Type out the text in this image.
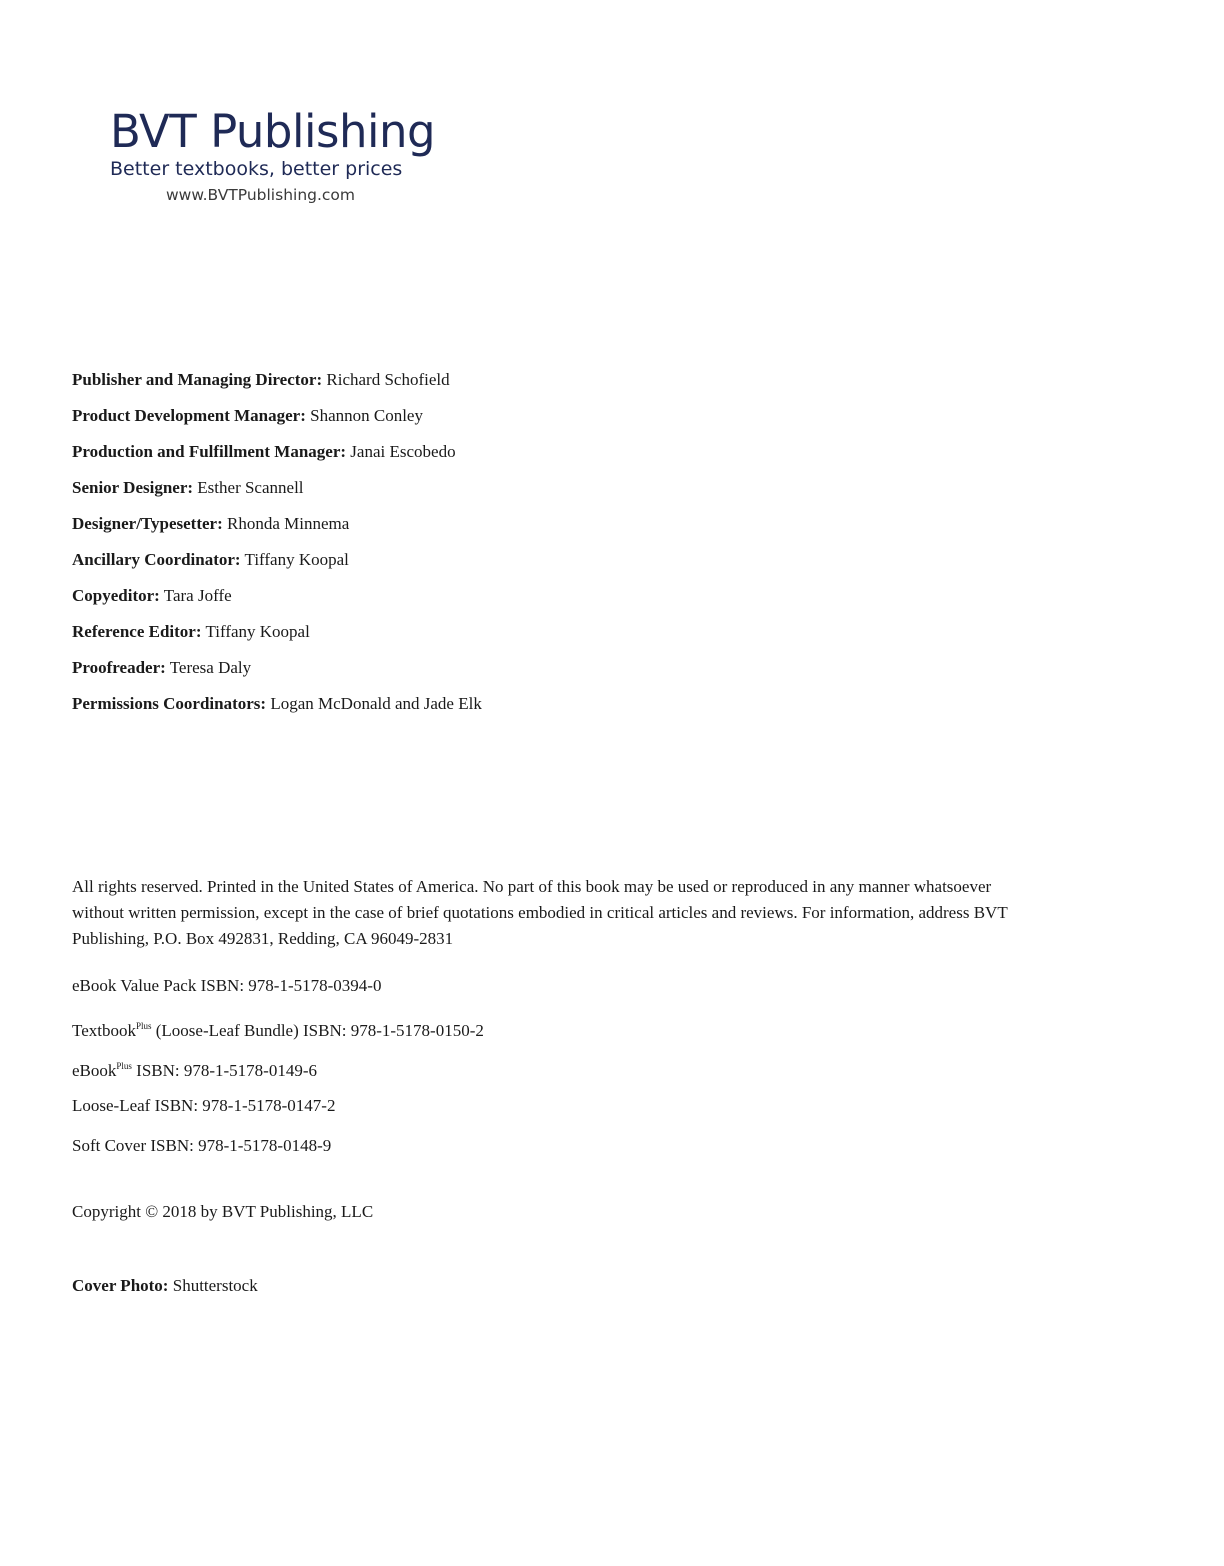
BVT Publishing
Better textbooks, better prices
www.BVTPublishing.com
Publisher and Managing Director: Richard Schofield
Product Development Manager: Shannon Conley
Production and Fulfillment Manager: Janai Escobedo
Senior Designer: Esther Scannell
Designer/Typesetter: Rhonda Minnema
Ancillary Coordinator: Tiffany Koopal
Copyeditor: Tara Joffe
Reference Editor: Tiffany Koopal
Proofreader: Teresa Daly
Permissions Coordinators: Logan McDonald and Jade Elk
All rights reserved. Printed in the United States of America. No part of this book may be used or reproduced in any manner whatsoever without written permission, except in the case of brief quotations embodied in critical articles and reviews. For information, address BVT Publishing, P.O. Box 492831, Redding, CA 96049-2831
eBook Value Pack ISBN: 978-1-5178-0394-0
Textbook$^{Plus}$ (Loose-Leaf Bundle) ISBN: 978-1-5178-0150-2
eBook$^{Plus}$ ISBN: 978-1-5178-0149-6
Loose-Leaf ISBN: 978-1-5178-0147-2
Soft Cover ISBN: 978-1-5178-0148-9
Copyright © 2018 by BVT Publishing, LLC
Cover Photo: Shutterstock
